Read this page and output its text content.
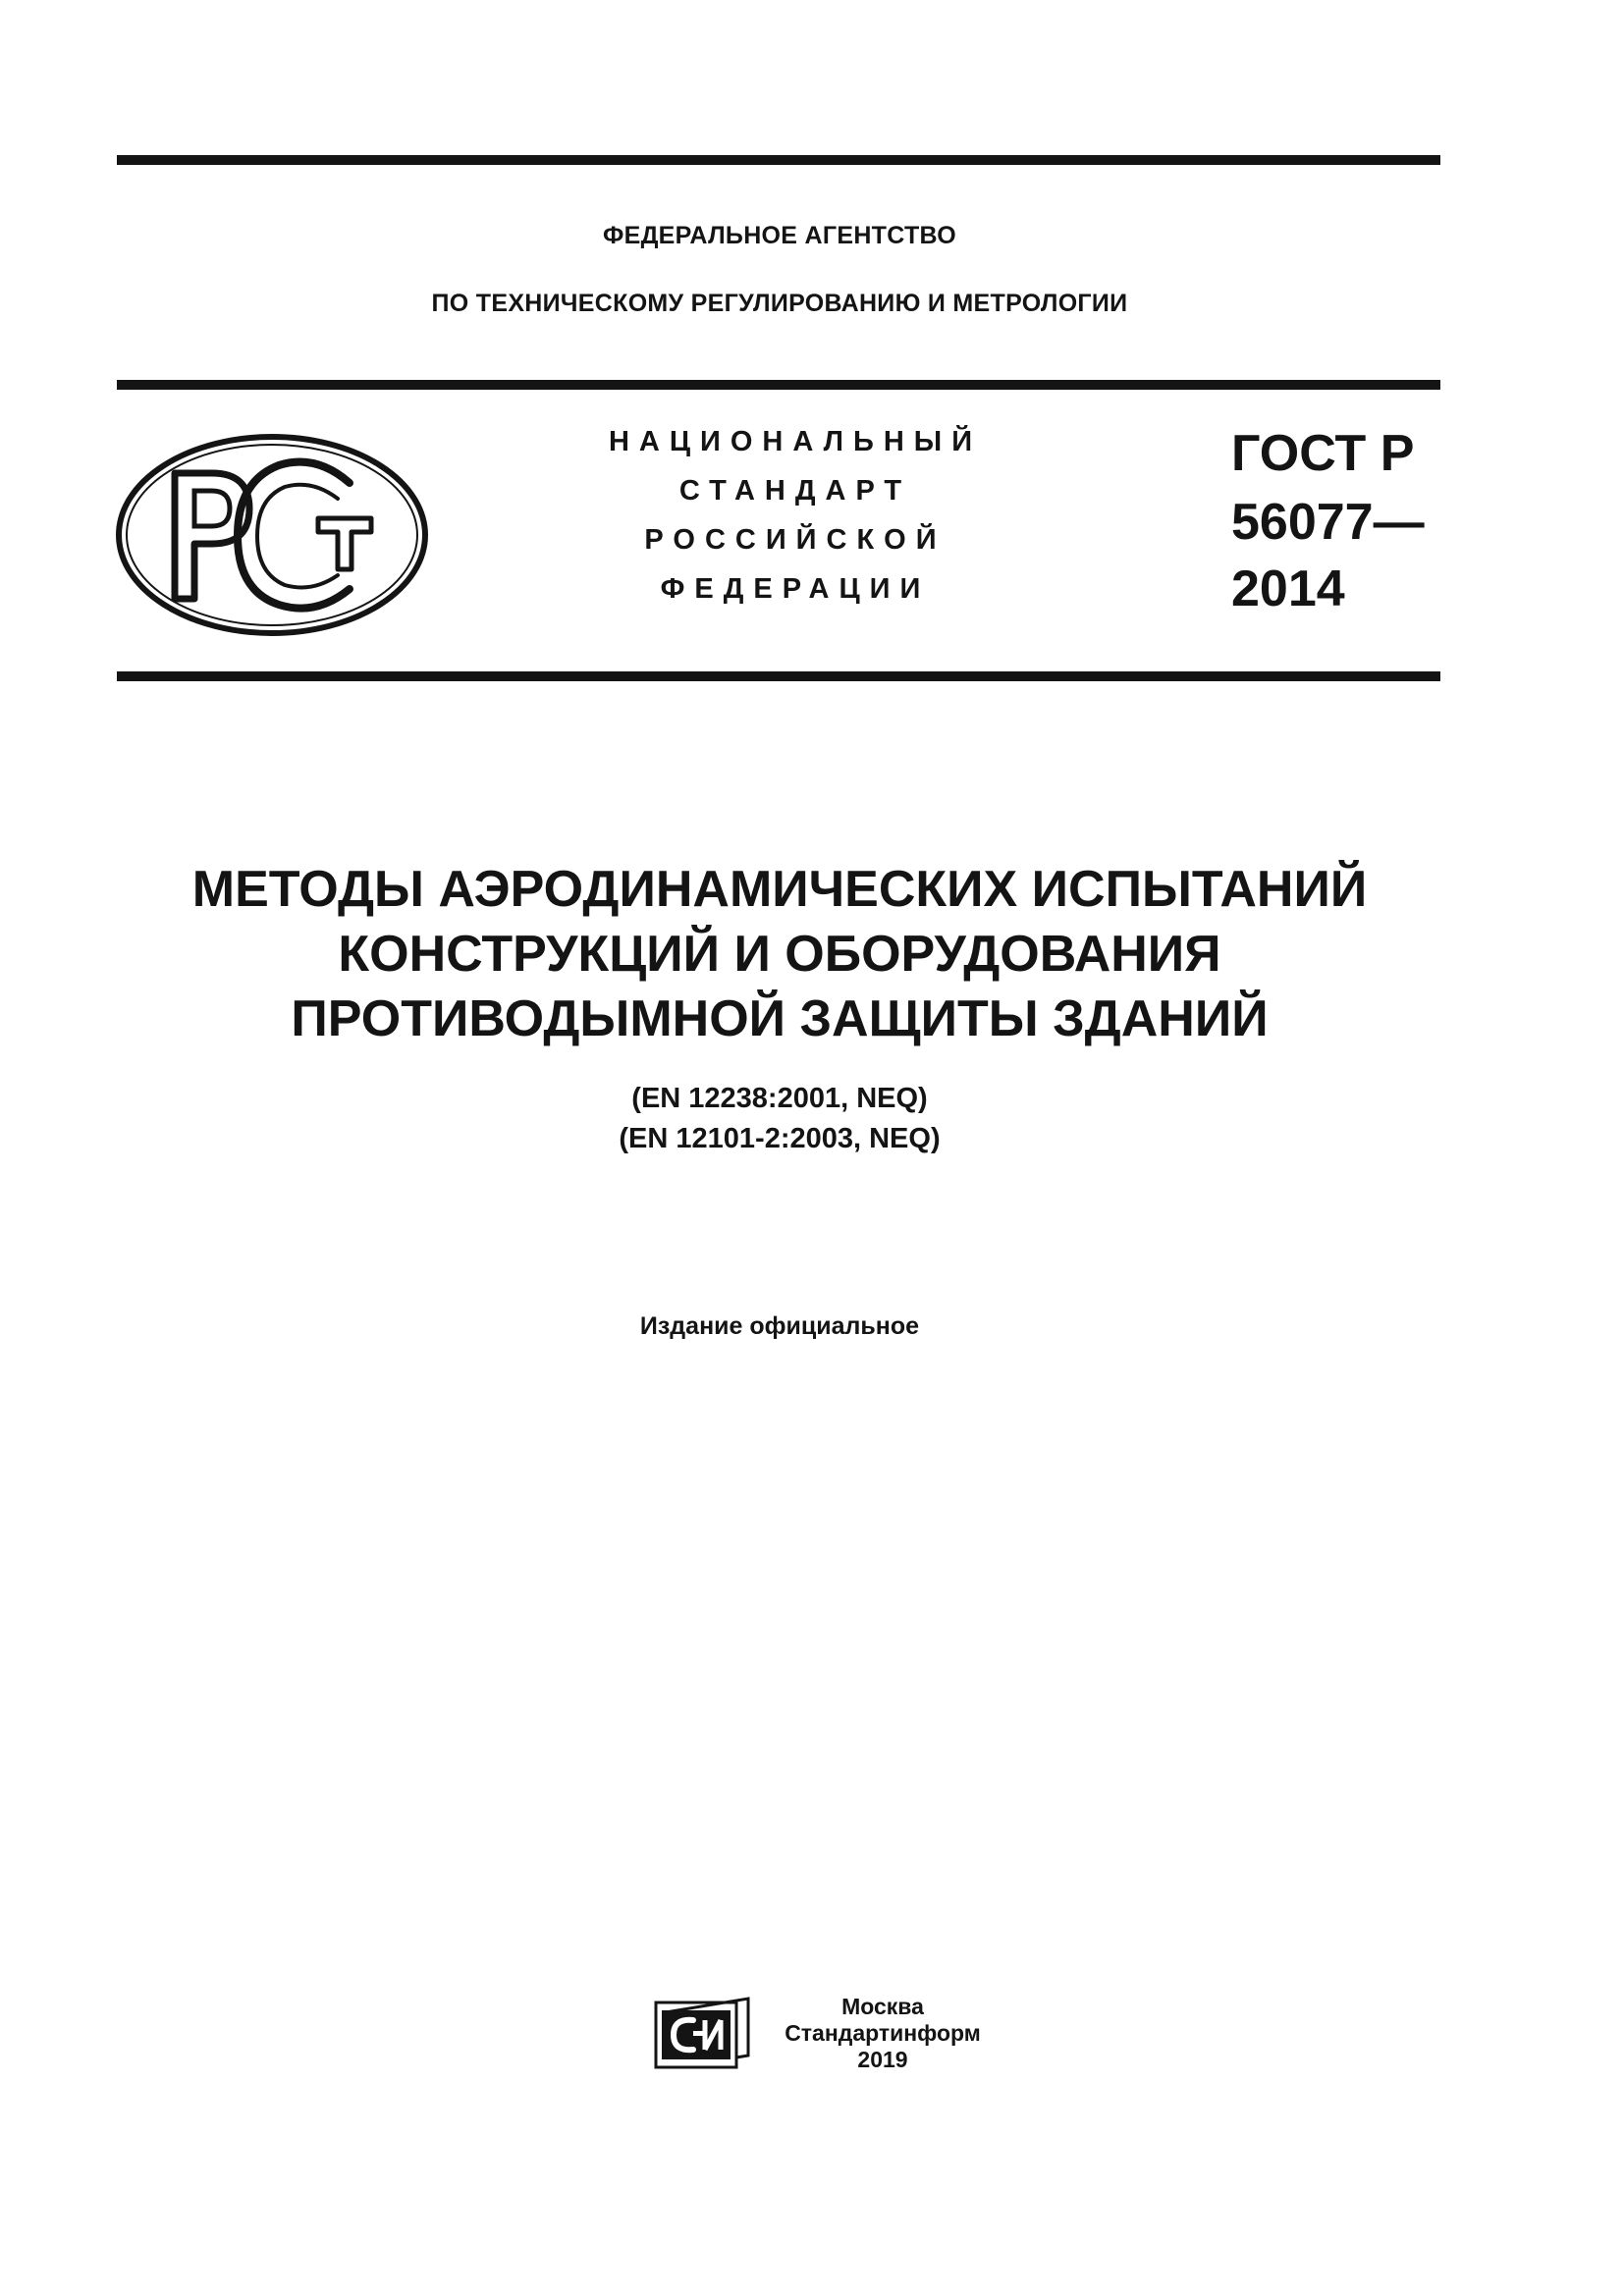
ФЕДЕРАЛЬНОЕ АГЕНТСТВО
ПО ТЕХНИЧЕСКОМУ РЕГУЛИРОВАНИЮ И МЕТРОЛОГИИ
НАЦИОНАЛЬНЫЙ
СТАНДАРТ
РОССИЙСКОЙ
ФЕДЕРАЦИИ
ГОСТ Р
56077—
2014
МЕТОДЫ АЭРОДИНАМИЧЕСКИХ ИСПЫТАНИЙ
КОНСТРУКЦИЙ И ОБОРУДОВАНИЯ
ПРОТИВОДЫМНОЙ ЗАЩИТЫ ЗДАНИЙ
(EN 12238:2001, NEQ)
(EN 12101-2:2003, NEQ)
Издание официальное
Москва
Стандартинформ
2019
